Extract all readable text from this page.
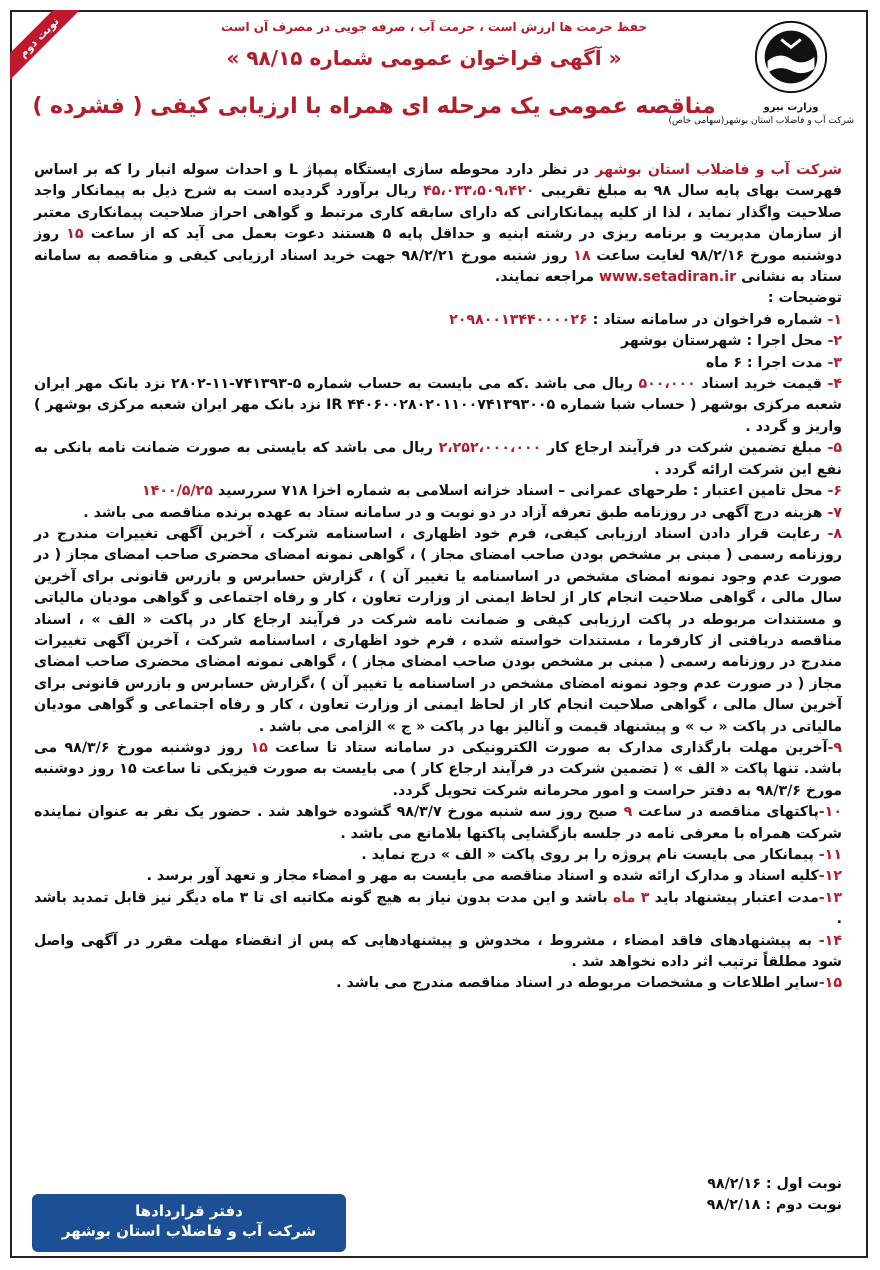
نوبت دوم	حفظ حرمت ها ارزش است ، حرمت آب ، صرفه جویی در مصرف آن است
« آگهی فراخوان عمومی شماره ۹۸/۱۵ »
مناقصه عمومی یک مرحله ای همراه با ارزیابی کیفی ( فشرده )	وزارت نیرو
شرکت آب و فاضلاب استان بوشهر(سهامی خاص)

شرکت آب و فاضلاب استان بوشهر در نظر دارد محوطه سازی ایستگاه پمپاژ L و احداث سوله انبار را که بر اساس فهرست بهای پایه سال ۹۸ به مبلغ تقریبی ۴۵،۰۳۳،۵۰۹،۴۲۰ ریال برآورد گردیده است به شرح ذیل به پیمانکار واجد صلاحیت واگذار نماید ، لذا از کلیه پیمانکارانی که دارای سابقه کاری مرتبط و گواهی احراز صلاحیت پیمانکاری معتبر از سازمان مدیریت و برنامه ریزی در رشته ابنیه و حداقل پایه ۵ هستند دعوت بعمل می آید که از ساعت ۱۵ روز دوشنبه مورخ ۹۸/۲/۱۶ لغایت ساعت ۱۸ روز شنبه مورخ ۹۸/۲/۲۱ جهت خرید اسناد ارزیابی کیفی و مناقصه به سامانه ستاد به نشانی www.setadiran.ir مراجعه نمایند.

توضیحات :

۱- شماره فراخوان در سامانه ستاد : ۲۰۹۸۰۰۱۳۴۴۰۰۰۰۲۶

۲- محل اجرا : شهرستان بوشهر

۳- مدت اجرا : ۶ ماه

۴- قیمت خرید اسناد ۵۰۰،۰۰۰ ریال می باشد .که می بایست به حساب شماره ۵-۷۴۱۳۹۳-۱۱-۲۸۰۲ نزد بانک مهر ایران شعبه مرکزی بوشهر ( حساب شبا شماره IR ۴۴۰۶۰۰۲۸۰۲۰۱۱۰۰۷۴۱۳۹۳۰۰۵ نزد بانک مهر ایران شعبه مرکزی بوشهر ) واریز و گردد .

۵- مبلغ تضمین شرکت در فرآیند ارجاع کار ۲،۲۵۲،۰۰۰،۰۰۰ ریال می باشد که بایستی به صورت ضمانت نامه بانکی به نفع این شرکت ارائه گردد .

۶- محل تامین اعتبار : طرحهای عمرانی – اسناد خزانه اسلامی به شماره اخزا ۷۱۸ سررسید ۱۴۰۰/۵/۲۵

۷- هزینه درج آگهی در روزنامه طبق تعرفه آزاد در دو نوبت و در سامانه ستاد به عهده برنده مناقصه می باشد .

۸- رعایت قرار دادن اسناد ارزیابی کیفی، فرم خود اظهاری ، اساسنامه شرکت ، آخرین آگهی تغییرات مندرج در روزنامه رسمی ( مبنی بر مشخص بودن صاحب امضای مجاز ) ، گواهی نمونه امضای محضری صاحب امضای مجاز ( در صورت عدم وجود نمونه امضای مشخص در اساسنامه یا تغییر آن ) ، گزارش حسابرس و بازرس قانونی برای آخرین سال مالی ، گواهی صلاحیت انجام کار از لحاظ ایمنی از وزارت تعاون ، کار و رفاه اجتماعی و گواهی مودیان مالیاتی و مستندات مربوطه در پاکت ارزیابی کیفی و ضمانت نامه شرکت در فرآیند ارجاع کار در پاکت « الف » ، اسناد مناقصه دریافتی از کارفرما ، مستندات خواسته شده ، فرم خود اظهاری ، اساسنامه شرکت ، آخرین آگهی تغییرات مندرج در روزنامه رسمی ( مبنی بر مشخص بودن صاحب امضای مجاز ) ، گواهی نمونه امضای محضری صاحب امضای مجاز ( در صورت عدم وجود نمونه امضای مشخص در اساسنامه یا تغییر آن ) ،گزارش حسابرس و بازرس قانونی برای آخرین سال مالی ، گواهی صلاحیت انجام کار از لحاظ ایمنی از وزارت تعاون ، کار و رفاه اجتماعی و گواهی مودیان مالیاتی در پاکت « ب » و پیشنهاد قیمت و آنالیز بها در پاکت « ج » الزامی می باشد .

۹-آخرین مهلت بارگذاری مدارک به صورت الکترونیکی در سامانه ستاد تا ساعت ۱۵ روز دوشنبه مورخ ۹۸/۳/۶ می باشد. تنها پاکت « الف » ( تضمین شرکت در فرآیند ارجاع کار ) می بایست به صورت فیزیکی تا ساعت ۱۵ روز دوشنبه مورخ ۹۸/۳/۶ به دفتر حراست و امور محرمانه شرکت تحویل گردد.

۱۰-پاکتهای مناقصه در ساعت ۹ صبح روز سه شنبه مورخ ۹۸/۳/۷ گشوده خواهد شد . حضور یک نفر به عنوان نماینده شرکت همراه با معرفی نامه در جلسه بازگشایی پاکتها بلامانع می باشد .

۱۱- پیمانکار می بایست نام پروژه را بر روی پاکت « الف » درج نماید .

۱۲-کلیه اسناد و مدارک ارائه شده و اسناد مناقصه می بایست به مهر و امضاء مجاز و تعهد آور برسد .

۱۳-مدت اعتبار پیشنهاد باید ۳ ماه باشد و این مدت بدون نیاز به هیچ گونه مکاتبه ای تا ۳ ماه دیگر نیز قابل تمدید باشد .

۱۴- به پیشنهادهای فاقد امضاء ، مشروط ، مخدوش و پیشنهادهایی که پس از انقضاء مهلت مقرر در آگهی واصل شود مطلقاً ترتیب اثر داده نخواهد شد .

۱۵-سایر اطلاعات و مشخصات مربوطه در اسناد مناقصه مندرج می باشد .

نوبت اول : ۹۸/۲/۱۶
نوبت دوم : ۹۸/۲/۱۸
دفتر قراردادها
شرکت آب و فاضلاب استان بوشهر
